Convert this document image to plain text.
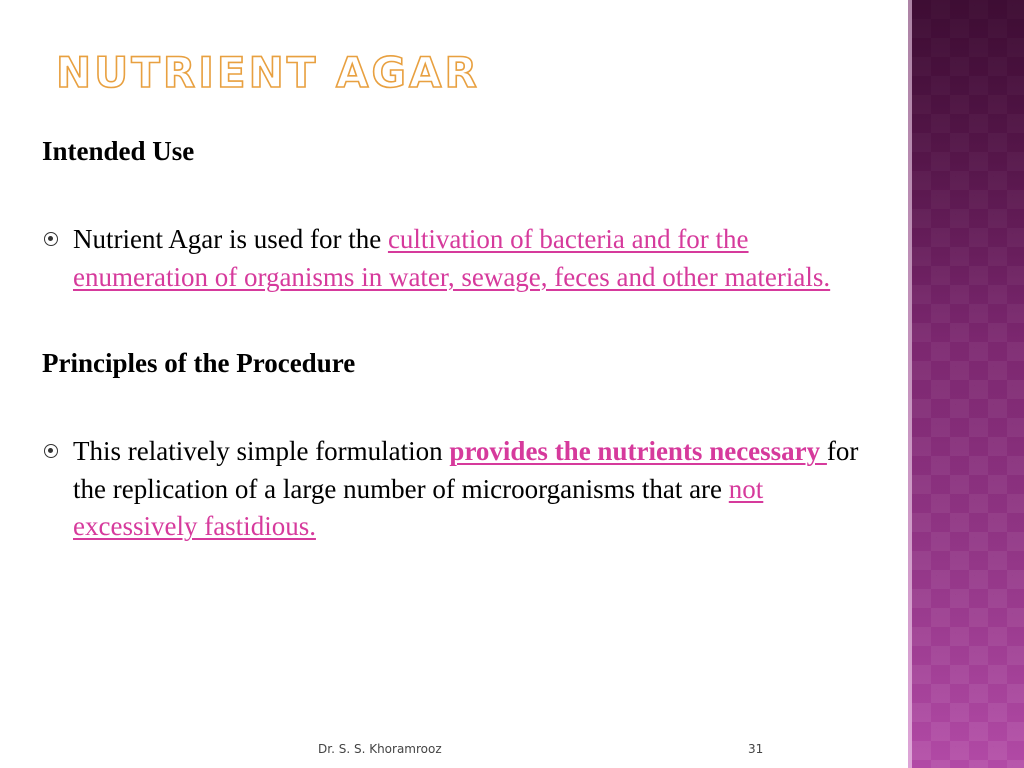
NUTRIENT AGAR

Intended Use

Nutrient Agar is used for the cultivation of bacteria and for the enumeration of organisms in water, sewage, feces and other materials.

Principles of the Procedure

This relatively simple formulation provides the nutrients necessary for the replication of a large number of microorganisms that are not excessively fastidious.

Dr. S. S. Khoramrooz	31
